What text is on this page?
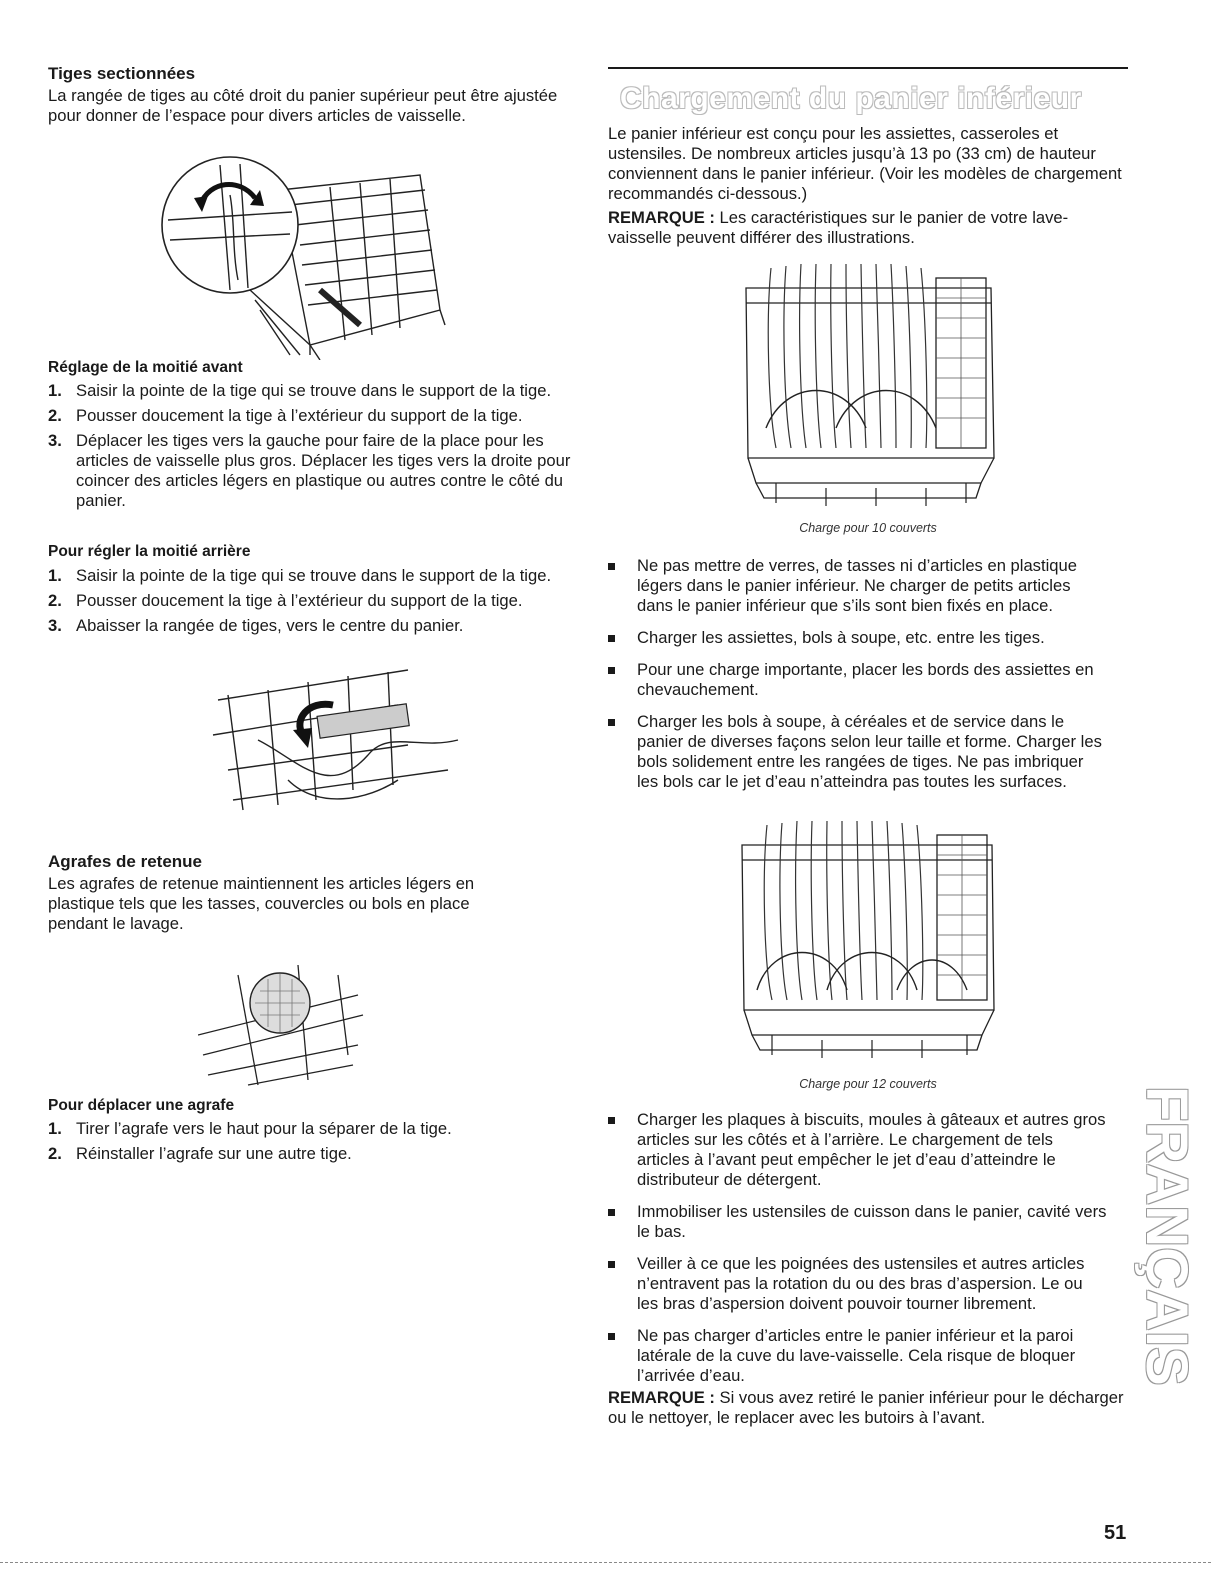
Tiges sectionnées

La rangée de tiges au côté droit du panier supérieur peut être ajustée pour donner de l’espace pour divers articles de vaisselle.

Réglage de la moitié avant
1. Saisir la pointe de la tige qui se trouve dans le support de la tige.
2. Pousser doucement la tige à l’extérieur du support de la tige.
3. Déplacer les tiges vers la gauche pour faire de la place pour les articles de vaisselle plus gros. Déplacer les tiges vers la droite pour coincer des articles légers en plastique ou autres contre le côté du panier.
Pour régler la moitié arrière
1. Saisir la pointe de la tige qui se trouve dans le support de la tige.
2. Pousser doucement la tige à l’extérieur du support de la tige.
3. Abaisser la rangée de tiges, vers le centre du panier.
Agrafes de retenue

Les agrafes de retenue maintiennent les articles légers en plastique tels que les tasses, couvercles ou bols en place pendant le lavage.

Pour déplacer une agrafe
1. Tirer l’agrafe vers le haut pour la séparer de la tige.
2. Réinstaller l’agrafe sur une autre tige.
Chargement du panier inférieur

Le panier inférieur est conçu pour les assiettes, casseroles et ustensiles. De nombreux articles jusqu’à 13 po (33 cm) de hauteur conviennent dans le panier inférieur. (Voir les modèles de chargement recommandés ci-dessous.)

REMARQUE : Les caractéristiques sur le panier de votre lave-vaisselle peuvent différer des illustrations.

Charge pour 10 couverts
Ne pas mettre de verres, de tasses ni d’articles en plastique légers dans le panier inférieur. Ne charger de petits articles dans le panier inférieur que s’ils sont bien fixés en place.
Charger les assiettes, bols à soupe, etc. entre les tiges.
Pour une charge importante, placer les bords des assiettes en chevauchement.
Charger les bols à soupe, à céréales et de service dans le panier de diverses façons selon leur taille et forme. Charger les bols solidement entre les rangées de tiges. Ne pas imbriquer les bols car le jet d’eau n’atteindra pas toutes les surfaces.
Charge pour 12 couverts
Charger les plaques à biscuits, moules à gâteaux et autres gros articles sur les côtés et à l’arrière. Le chargement de tels articles à l’avant peut empêcher le jet d’eau d’atteindre le distributeur de détergent.
Immobiliser les ustensiles de cuisson dans le panier, cavité vers le bas.
Veiller à ce que les poignées des ustensiles et autres articles n’entravent pas la rotation du ou des bras d’aspersion. Le ou les bras d’aspersion doivent pouvoir tourner librement.
Ne pas charger d’articles entre le panier inférieur et la paroi latérale de la cuve du lave-vaisselle. Cela risque de bloquer l’arrivée d’eau.

REMARQUE : Si vous avez retiré le panier inférieur pour le décharger ou le nettoyer, le replacer avec les butoirs à l’avant.

51
FRANÇAIS
